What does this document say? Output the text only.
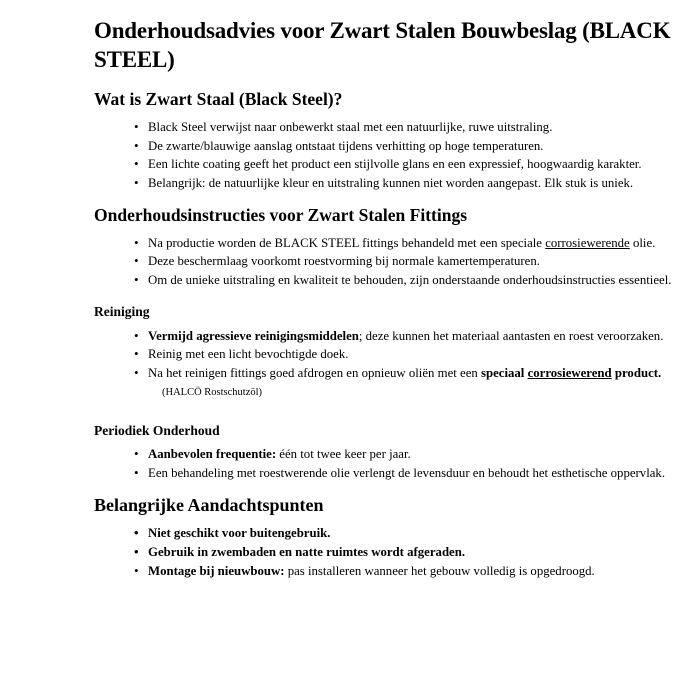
Onderhoudsadvies voor Zwart Stalen Bouwbeslag (BLACK STEEL)
Wat is Zwart Staal (Black Steel)?
• Black Steel verwijst naar onbewerkt staal met een natuurlijke, ruwe uitstraling.
• De zwarte/blauwige aanslag ontstaat tijdens verhitting op hoge temperaturen.
• Een lichte coating geeft het product een stijlvolle glans en een expressief, hoogwaardig karakter.
• Belangrijk: de natuurlijke kleur en uitstraling kunnen niet worden aangepast. Elk stuk is uniek.
Onderhoudsinstructies voor Zwart Stalen Fittings
• Na productie worden de BLACK STEEL fittings behandeld met een speciale corrosiewerende olie.
• Deze beschermlaag voorkomt roestvorming bij normale kamertemperaturen.
• Om de unieke uitstraling en kwaliteit te behouden, zijn onderstaande onderhoudsinstructies essentieel.
Reiniging
• Vermijd agressieve reinigingsmiddelen; deze kunnen het materiaal aantasten en roest veroorzaken.
• Reinig met een licht bevochtigde doek.
• Na het reinigen fittings goed afdrogen en opnieuw oliën met een speciaal corrosiewerend product.(HALCÖ Rostschutzöl)
Periodiek Onderhoud
• Aanbevolen frequentie: één tot twee keer per jaar.
• Een behandeling met roestwerende olie verlengt de levensduur en behoudt het esthetische oppervlak.
Belangrijke Aandachtspunten
• Niet geschikt voor buitengebruik.
• Gebruik in zwembaden en natte ruimtes wordt afgeraden.
• Montage bij nieuwbouw: pas installeren wanneer het gebouw volledig is opgedroogd.
